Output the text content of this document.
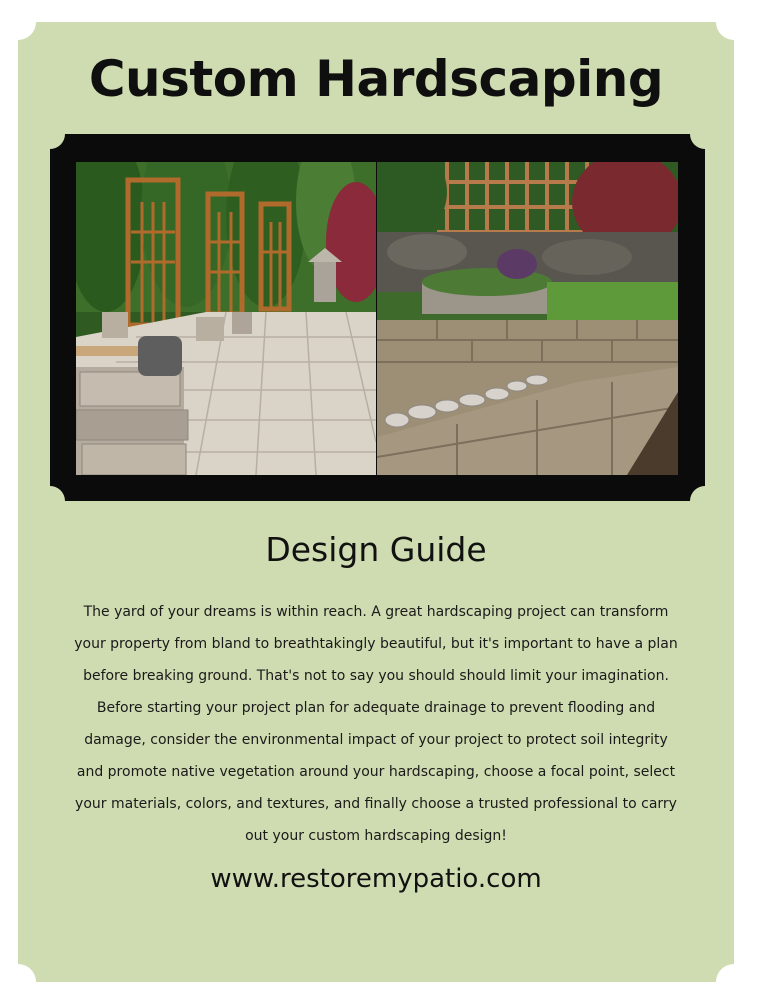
Custom Hardscaping
Design Guide
The yard of your dreams is within reach. A great hardscaping project can transform
your property from bland to breathtakingly beautiful, but it's important to have a plan
before breaking ground. That's not to say you should should limit your imagination.
Before starting your project plan for adequate drainage to prevent flooding and
damage, consider the environmental impact of your project to protect soil integrity
and promote native vegetation around your hardscaping, choose a focal point, select
your materials, colors, and textures, and finally choose a trusted professional to carry
out your custom hardscaping design!
www.restoremypatio.com
